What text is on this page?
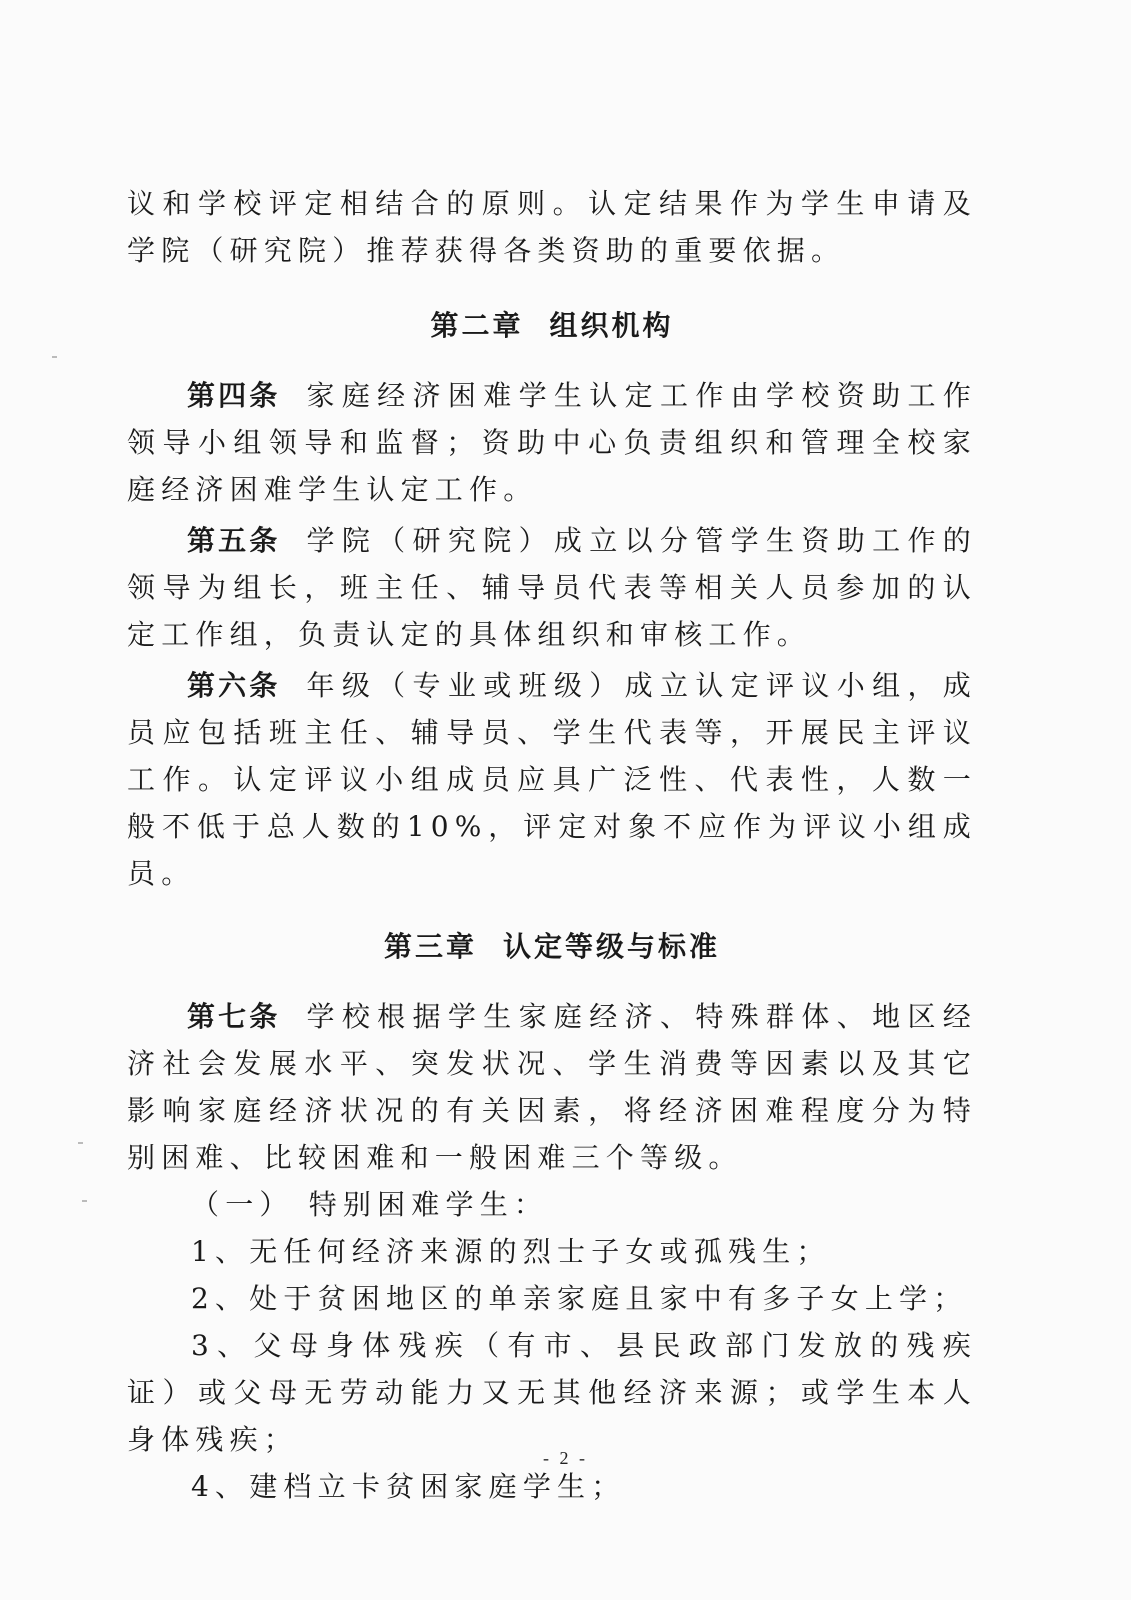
议和学校评定相结合的原则。认定结果作为学生申请及学院（研究院）推荐获得各类资助的重要依据。

第二章 组织机构

第四条 家庭经济困难学生认定工作由学校资助工作领导小组领导和监督；资助中心负责组织和管理全校家庭经济困难学生认定工作。

第五条 学院（研究院）成立以分管学生资助工作的领导为组长，班主任、辅导员代表等相关人员参加的认定工作组，负责认定的具体组织和审核工作。

第六条 年级（专业或班级）成立认定评议小组，成员应包括班主任、辅导员、学生代表等，开展民主评议工作。认定评议小组成员应具广泛性、代表性，人数一般不低于总人数的10%，评定对象不应作为评议小组成员。

第三章 认定等级与标准

第七条 学校根据学生家庭经济、特殊群体、地区经济社会发展水平、突发状况、学生消费等因素以及其它影响家庭经济状况的有关因素，将经济困难程度分为特别困难、比较困难和一般困难三个等级。

（一） 特别困难学生：

1、无任何经济来源的烈士子女或孤残生；

2、处于贫困地区的单亲家庭且家中有多子女上学；

3、父母身体残疾（有市、县民政部门发放的残疾证）或父母无劳动能力又无其他经济来源；或学生本人身体残疾；

4、建档立卡贫困家庭学生；

- 2 -
